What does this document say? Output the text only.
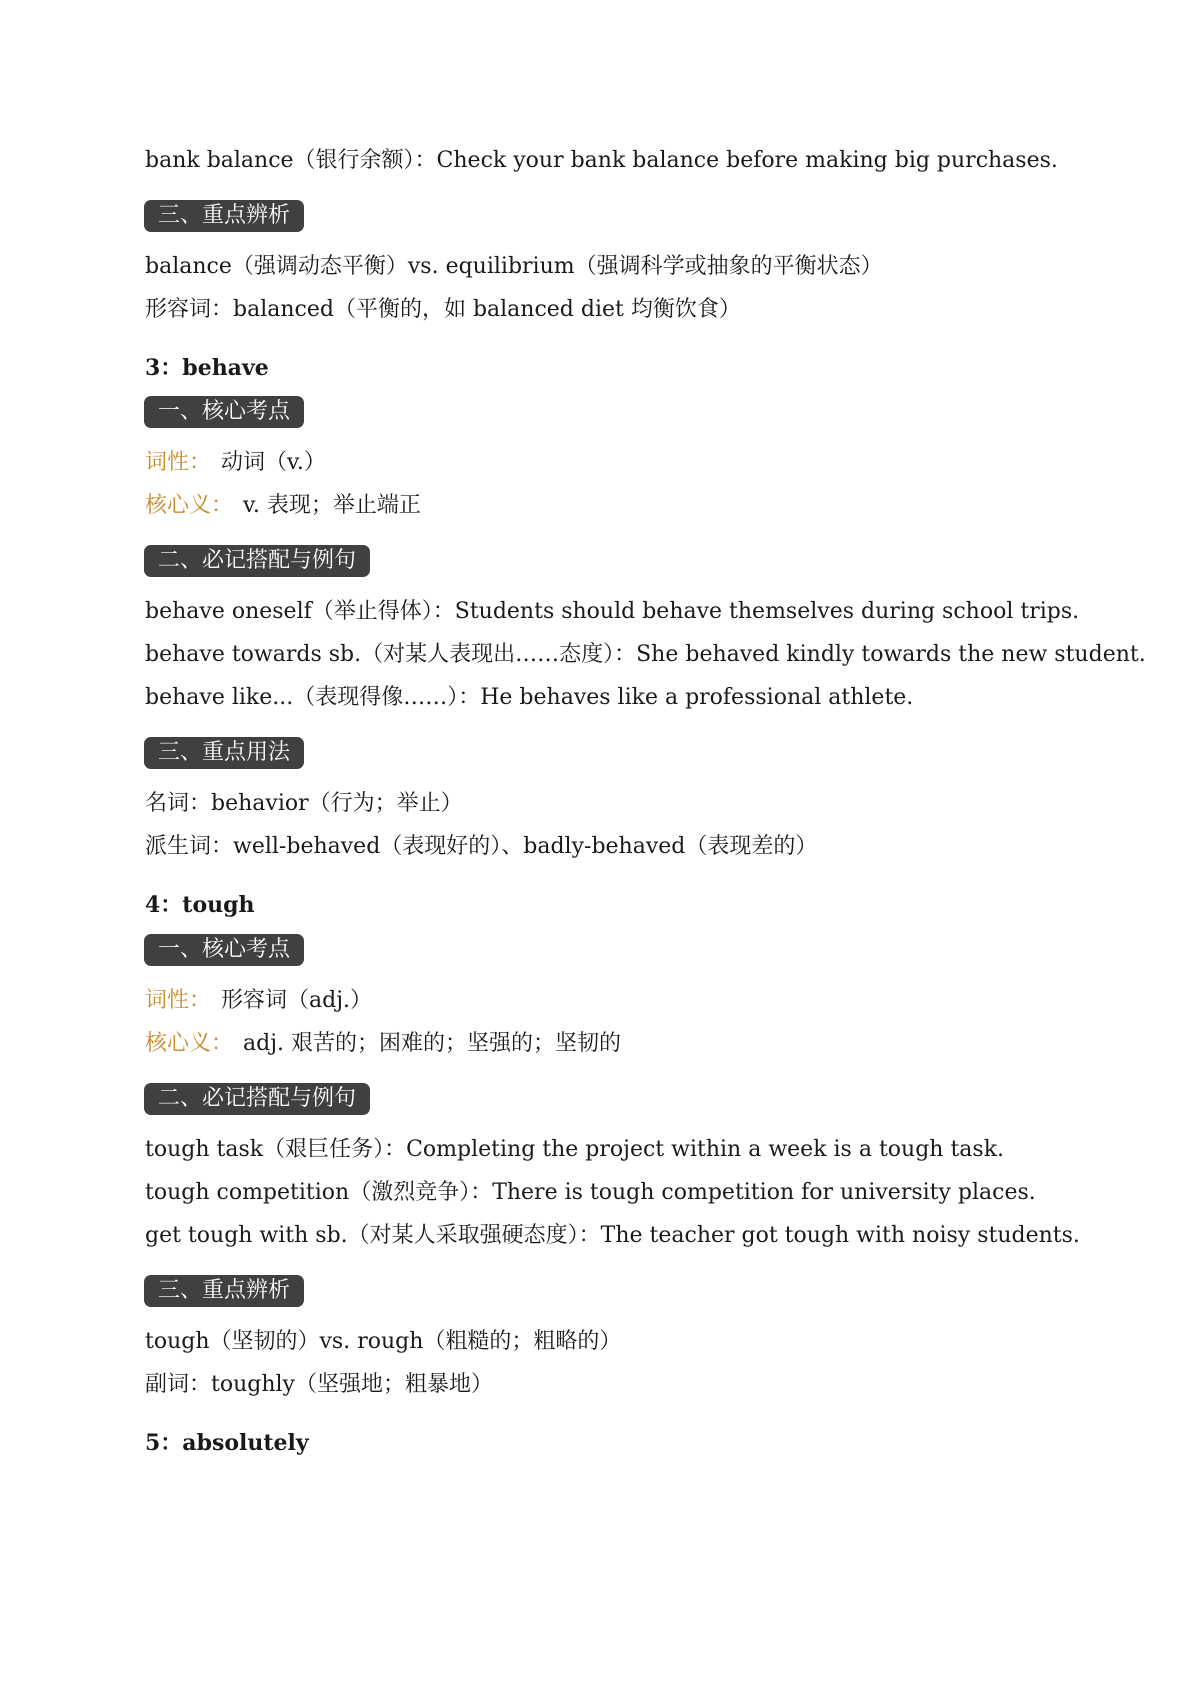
bank balance（银行余额）：Check your bank balance before making big purchases.
三、重点辨析
balance（强调动态平衡）vs. equilibrium（强调科学或抽象的平衡状态）
形容词：balanced（平衡的，如 balanced diet 均衡饮食）
3：behave
一、核心考点
词性： 动词（v.）
核心义： v. 表现；举止端正
二、必记搭配与例句
behave oneself（举止得体）：Students should behave themselves during school trips.
behave towards sb.（对某人表现出……态度）：She behaved kindly towards the new student.
behave like...（表现得像……）：He behaves like a professional athlete.
三、重点用法
名词：behavior（行为；举止）
派生词：well-behaved（表现好的）、badly-behaved（表现差的）
4：tough
一、核心考点
词性： 形容词（adj.）
核心义： adj. 艰苦的；困难的；坚强的；坚韧的
二、必记搭配与例句
tough task（艰巨任务）：Completing the project within a week is a tough task.
tough competition（激烈竞争）：There is tough competition for university places.
get tough with sb.（对某人采取强硬态度）：The teacher got tough with noisy students.
三、重点辨析
tough（坚韧的）vs. rough（粗糙的；粗略的）
副词：toughly（坚强地；粗暴地）
5：absolutely
